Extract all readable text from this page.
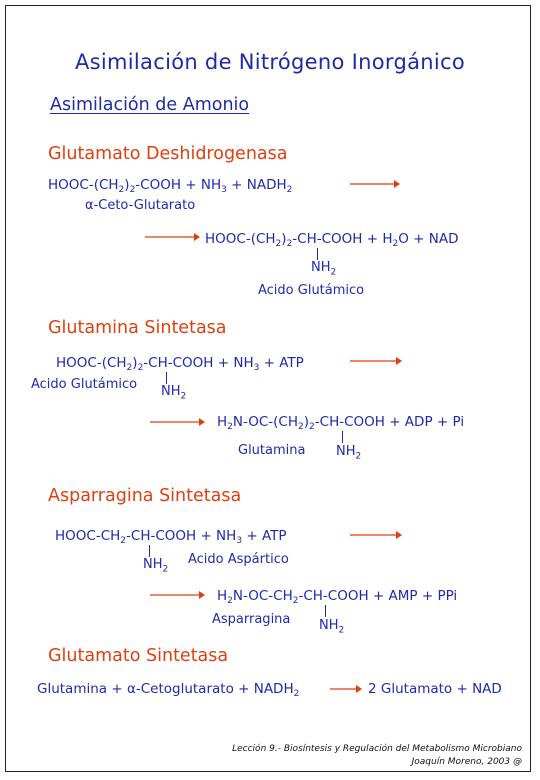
Asimilación de Nitrógeno Inorgánico
Asimilación de Amonio
Glutamato Deshidrogenasa
HOOC-$(CH_2)_2$-COOH + $NH_3$ + $NADH_2$
α-Ceto-Glutarato
HOOC-$(CH_2)_2-CH$-COOH + $H_2O$ + NAD
$NH_2$
Acido Glutámico
Glutamina Sintetasa
HOOC-$(CH_2)_2-CH$-COOH + $NH_3$ + ATP
Acido Glutámico $NH_2$
$H_2N-OC-(CH_2)_2-CH$-COOH + ADP + Pi
Glutamina $NH_2$
Asparragina Sintetasa
HOOC-$CH_2-CH$-COOH + $NH_3$ + ATP
$NH_2$
Acido Aspártico
$H_2N-OC-CH_2-CH$-COOH + AMP + PPi
Asparragina $NH_2$
Glutamato Sintetasa
Glutamina + α-Cetoglutarato + $NADH_2$	2 Glutamato + NAD
Lección 9.- Biosíntesis y Regulación del Metabolismo Microbiano
Joaquín Moreno, 2003 @
